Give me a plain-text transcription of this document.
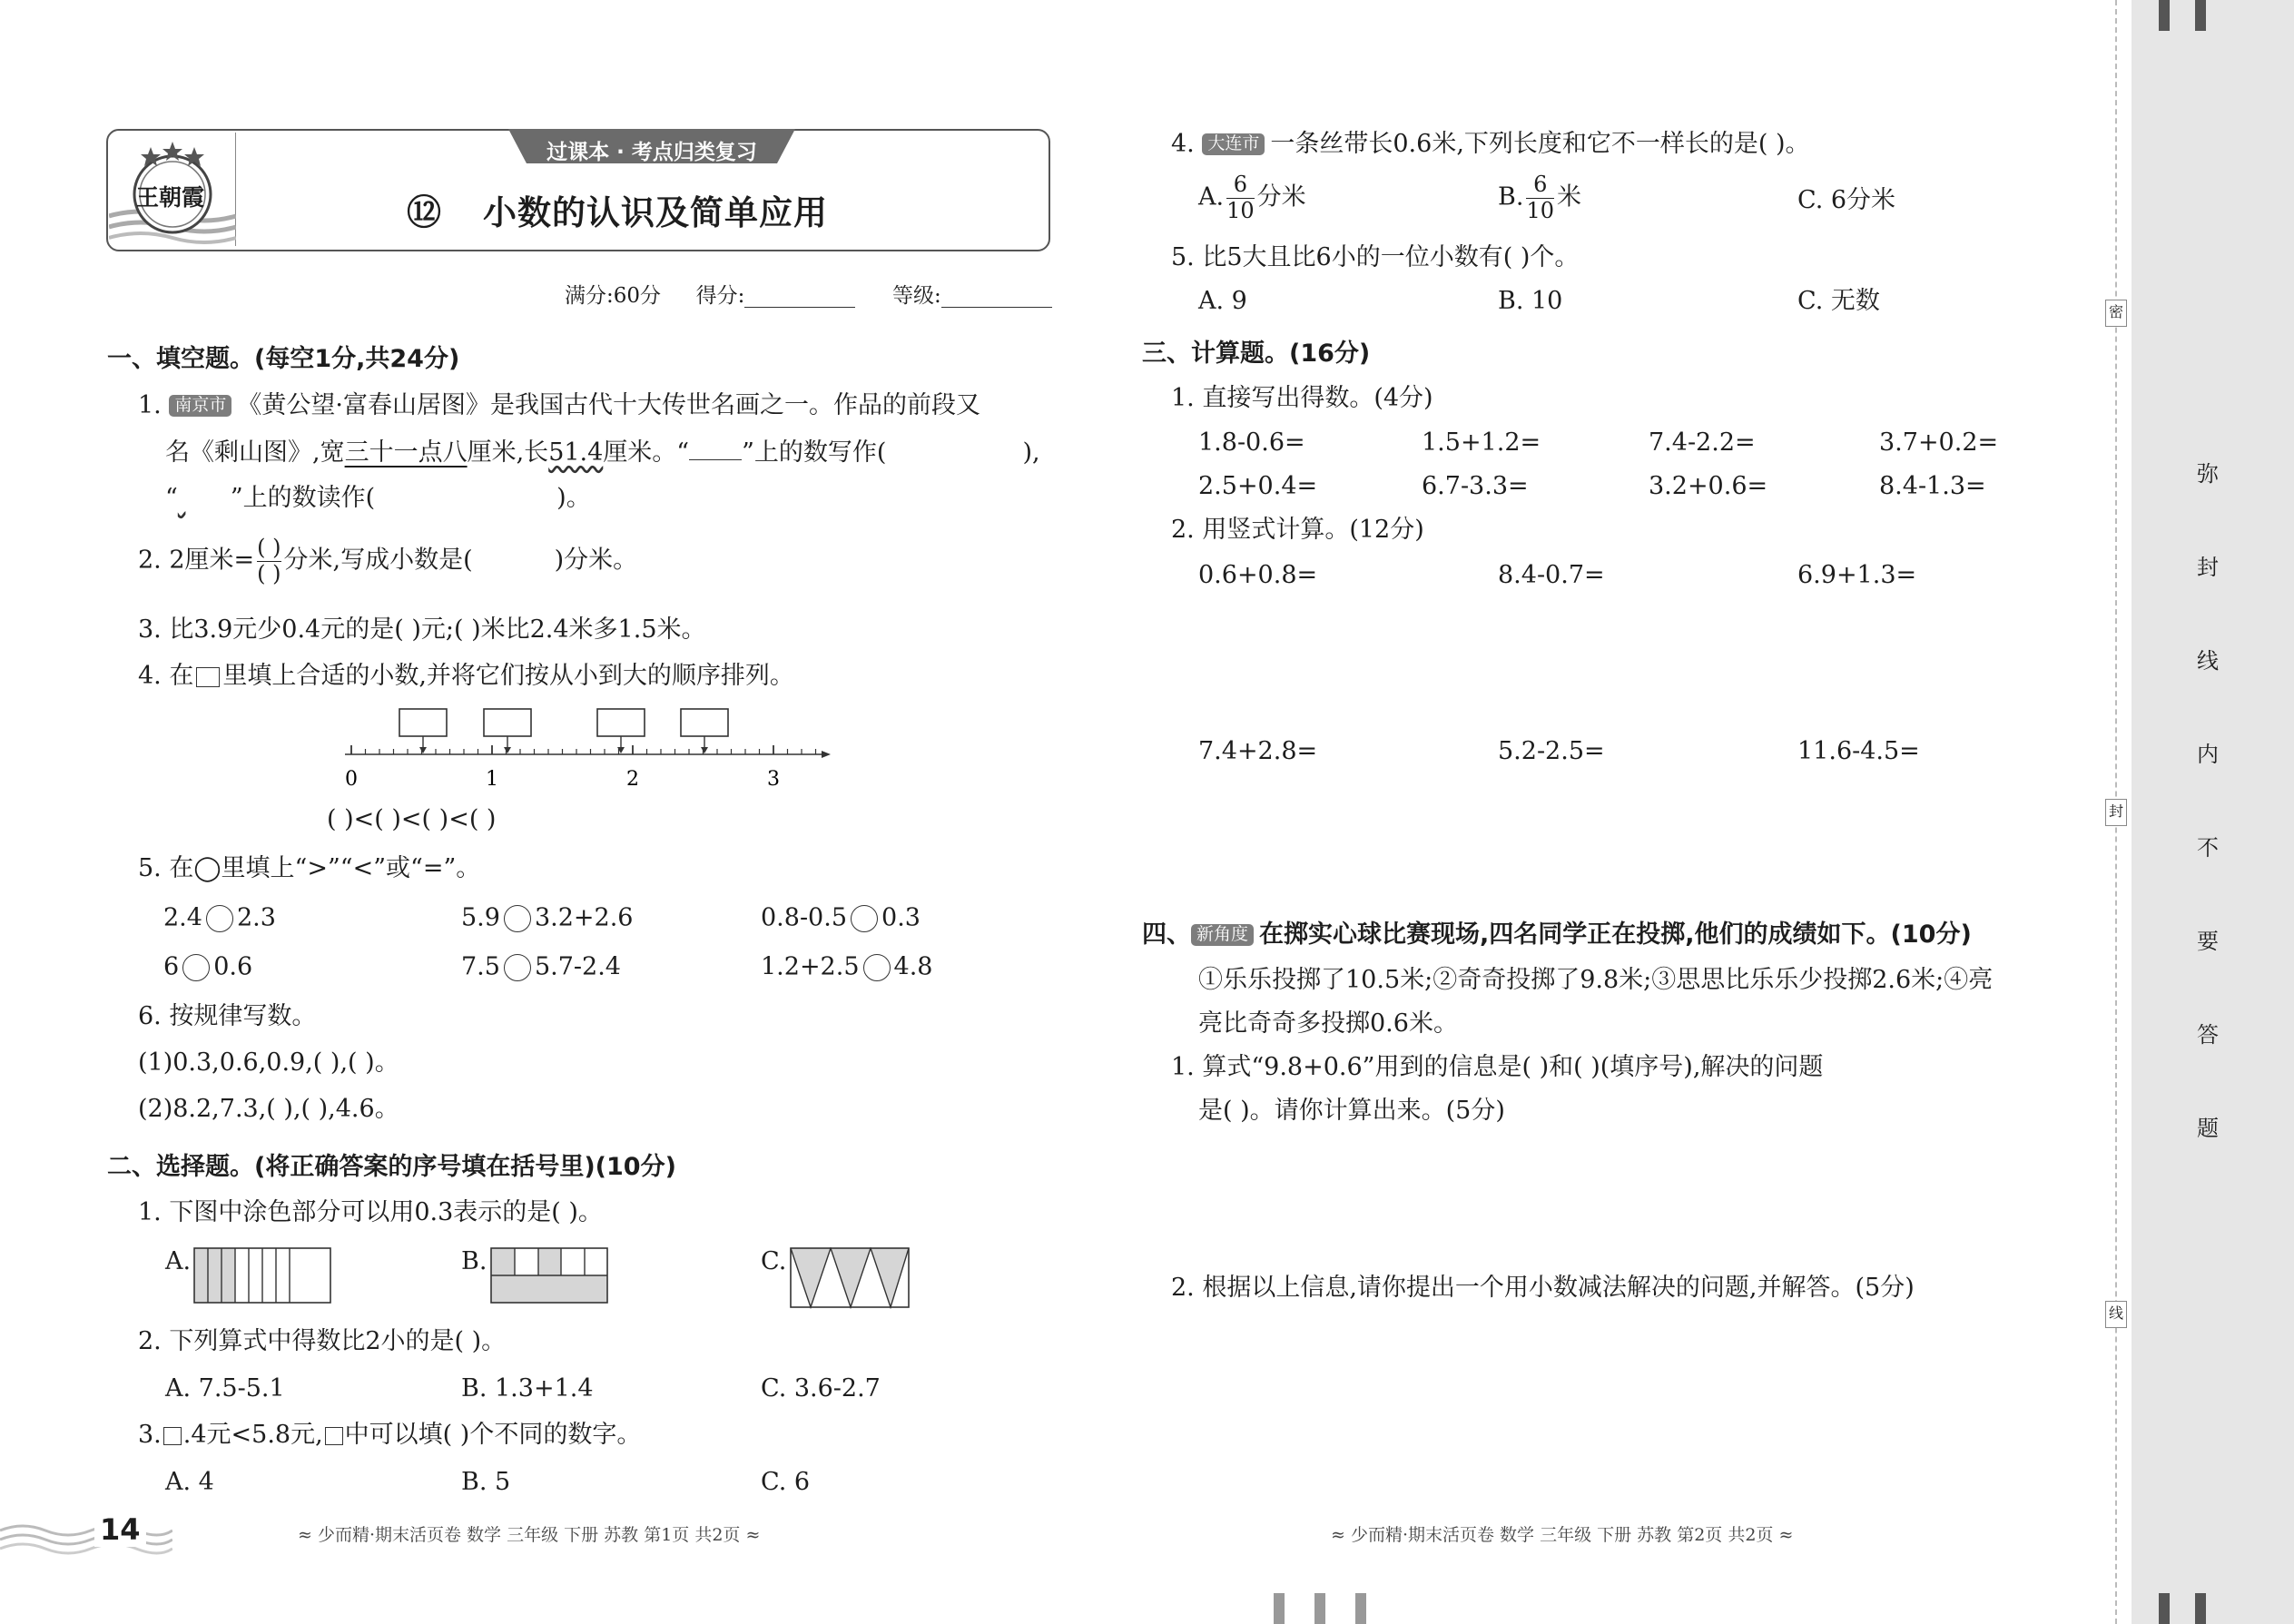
王朝霞
过课本 · 考点归类复习
⑫ 小数的认识及简单应用
满分:60分 得分:	等级:
一、填空题。(每空1分,共24分)
1. 南京市 《黄公望·富春山居图》是我国古代十大传世名画之一。作品的前段又
名《剩山图》,宽三十一点八厘米,长51.4厘米。“ ”上的数写作(	),
“ ”上的数读作(	)。
2. 2厘米= $\frac{( )}{( )}$ 分米,写成小数是(	)分米。
3. 比3.9元少0.4元的是( )元;( )米比2.4米多1.5米。
4. 在 里填上合适的小数,并将它们按从小到大的顺序排列。
0	1	2	3
( )<( )<( )<( )
5. 在◯里填上“>”“<”或“=”。
2.4 2.3	5.9 3.2+2.6	0.8-0.5 0.3
6 0.6	7.5 5.7-2.4	1.2+2.5 4.8
6. 按规律写数。
(1)0.3,0.6,0.9,( ),( )。
(2)8.2,7.3,( ),( ),4.6。
二、选择题。(将正确答案的序号填在括号里)(10分)
1. 下图中涂色部分可以用0.3表示的是( )。
A.	B.	C.
2. 下列算式中得数比2小的是( )。
A. 7.5-5.1	B. 1.3+1.4	C. 3.6-2.7
3. .4元<5.8元, 中可以填( )个不同的数字。
A. 4	B. 5	C. 6
14	≈ 少而精·期末活页卷 数学 三年级 下册 苏教 第1页 共2页 ≈
4. 大连市 一条丝带长0.6米,下列长度和它不一样长的是( )。
A. $\frac{6}{10}$ 分米	B. $\frac{6}{10}$ 米	C. 6分米
5. 比5大且比6小的一位小数有( )个。
A. 9	B. 10	C. 无数
三、计算题。(16分)
1. 直接写出得数。(4分)
1.8-0.6=	1.5+1.2=	7.4-2.2=	3.7+0.2=
2.5+0.4=	6.7-3.3=	3.2+0.6=	8.4-1.3=
2. 用竖式计算。(12分)
0.6+0.8=	8.4-0.7=	6.9+1.3=
7.4+2.8=	5.2-2.5=	11.6-4.5=
四、 新角度 在掷实心球比赛现场,四名同学正在投掷,他们的成绩如下。(10分)
①乐乐投掷了10.5米;②奇奇投掷了9.8米;③思思比乐乐少投掷2.6米;④亮
亮比奇奇多投掷0.6米。
1. 算式“9.8+0.6”用到的信息是( )和( )(填序号),解决的问题
是( )。请你计算出来。(5分)
2. 根据以上信息,请你提出一个用小数减法解决的问题,并解答。(5分)
≈ 少而精·期末活页卷 数学 三年级 下册 苏教 第2页 共2页 ≈
密
封
线
弥
封
线
内
不
要
答
题
